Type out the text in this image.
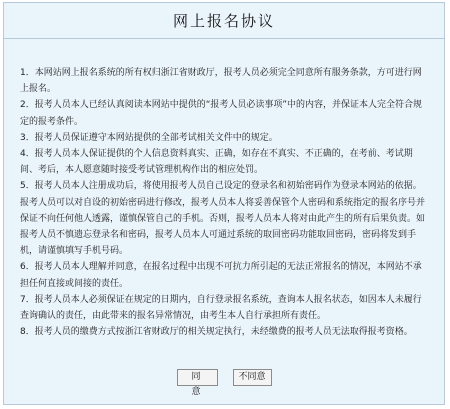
网上报名协议

1．本网站网上报名系统的所有权归浙江省财政厅，报考人员必须完全同意所有服务条款，方可进行网上报名。

2．报考人员本人已经认真阅读本网站中提供的“报考人员必读事项”中的内容，并保证本人完全符合规定的报考条件。

3．报考人员保证遵守本网站提供的全部考试相关文件中的规定。

4．报考人员本人保证提供的个人信息资料真实、正确，如存在不真实、不正确的，在考前、考试期间、考后，本人愿意随时接受考试管理机构作出的相应处罚。

5．报考人员本人注册成功后，将使用报考人员自己设定的登录名和初始密码作为登录本网站的依据。报考人员可以对自设的初始密码进行修改，报考人员本人将妥善保管个人密码和系统指定的报名序号并保证不向任何他人透露，谨慎保管自己的手机。否则，报考人员本人将对由此产生的所有后果负责。如报考人员不慎遗忘登录名和密码，报考人员本人可通过系统的取回密码功能取回密码，密码将发到手机，请谨慎填写手机号码。

6．报考人员本人理解并同意，在报名过程中出现不可抗力所引起的无法正常报名的情况，本网站不承担任何直接或间接的责任。

7．报考人员本人必须保证在规定的日期内，自行登录报名系统，查询本人报名状态，如因本人未履行查询确认的责任，由此带来的报名异常情况，由考生本人自行承担所有责任。

8．报考人员的缴费方式按浙江省财政厅的相关规定执行，未经缴费的报考人员无法取得报考资格。

同意
不同意
